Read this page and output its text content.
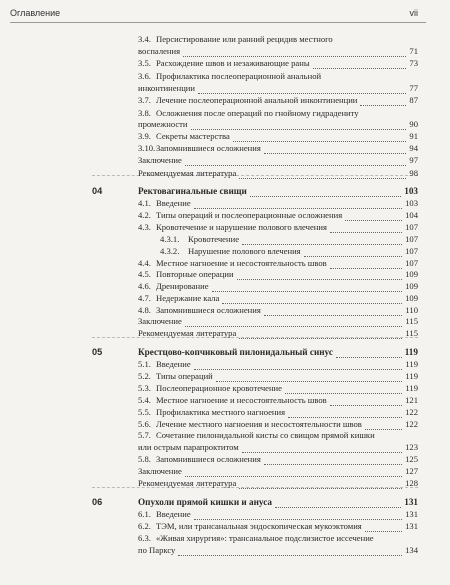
Оглавление	vii
3.4. Персистирование или ранний рецидив местного
воспаления	71
3.5. Расхождение швов и незаживающие раны	73
3.6. Профилактика послеоперационной анальной
инконтиненции	77
3.7. Лечение послеоперационной анальной инконтиненции	87
3.8. Осложнения после операций по гнойному гидрадениту
промежности	90
3.9. Секреты мастерства	91
3.10. Запомнившиеся осложнения	94
Заключение	97
Рекомендуемая литература	98
04	Ректовагинальные свищи	103
4.1. Введение	103
4.2. Типы операций и послеоперационные осложнения	104
4.3. Кровотечение и нарушение полового влечения	107
4.3.1. Кровотечение	107
4.3.2. Нарушение полового влечения	107
4.4. Местное нагноение и несостоятельность швов	107
4.5. Повторные операции	109
4.6. Дренирование	109
4.7. Недержание кала	109
4.8. Запомнившиеся осложнения	110
Заключение	115
Рекомендуемая литература	115
05	Крестцово-копчиковый пилонидальный синус	119
5.1. Введение	119
5.2. Типы операций	119
5.3. Послеоперационное кровотечение	119
5.4. Местное нагноение и несостоятельность швов	121
5.5. Профилактика местного нагноения	122
5.6. Лечение местного нагноения и несостоятельности швов	122
5.7. Сочетание пилонидальной кисты со свищом прямой кишки
или острым парапроктитом	123
5.8. Запомнившиеся осложнения	125
Заключение	127
Рекомендуемая литература	128
06	Опухоли прямой кишки и ануса	131
6.1. Введение	131
6.2. ТЭМ, или трансанальная эндоскопическая мукоэктомия	131
6.3. «Живая хирургия»: трансанальное подслизистое иссечение
по Парксу	134
